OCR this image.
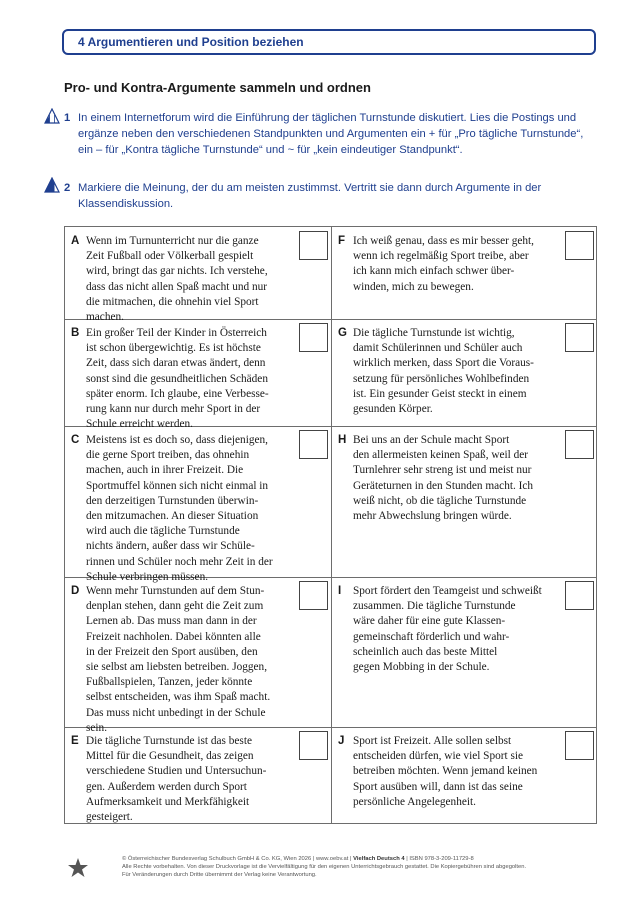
4 Argumentieren und Position beziehen
Pro- und Kontra-Argumente sammeln und ordnen
1 In einem Internetforum wird die Einführung der täglichen Turnstunde diskutiert. Lies die Postings und ergänze neben den verschiedenen Standpunkten und Argumenten ein + für „Pro tägliche Turnstunde“, ein – für „Kontra tägliche Turnstunde“ und ~ für „kein eindeutiger Standpunkt“.
2 Markiere die Meinung, der du am meisten zustimmst. Vertritt sie dann durch Argumente in der Klassendiskussion.
A Wenn im Turnunterricht nur die ganze
Zeit Fußball oder Völkerball gespielt
wird, bringt das gar nichts. Ich verstehe,
dass das nicht allen Spaß macht und nur
die mitmachen, die ohnehin viel Sport
machen.
B Ein großer Teil der Kinder in Österreich
ist schon übergewichtig. Es ist höchste
Zeit, dass sich daran etwas ändert, denn
sonst sind die gesundheitlichen Schäden
später enorm. Ich glaube, eine Verbesse-
rung kann nur durch mehr Sport in der
Schule erreicht werden.
C Meistens ist es doch so, dass diejenigen,
die gerne Sport treiben, das ohnehin
machen, auch in ihrer Freizeit. Die
Sportmuffel können sich nicht einmal in
den derzeitigen Turnstunden überwin-
den mitzumachen. An dieser Situation
wird auch die tägliche Turnstunde
nichts ändern, außer dass wir Schüle-
rinnen und Schüler noch mehr Zeit in der
Schule verbringen müssen.
D Wenn mehr Turnstunden auf dem Stun-
denplan stehen, dann geht die Zeit zum
Lernen ab. Das muss man dann in der
Freizeit nachholen. Dabei könnten alle
in der Freizeit den Sport ausüben, den
sie selbst am liebsten betreiben. Joggen,
Fußballspielen, Tanzen, jeder könnte
selbst entscheiden, was ihm Spaß macht.
Das muss nicht unbedingt in der Schule
sein.
E Die tägliche Turnstunde ist das beste
Mittel für die Gesundheit, das zeigen
verschiedene Studien und Untersuchun-
gen. Außerdem werden durch Sport
Aufmerksamkeit und Merkfähigkeit
gesteigert.
F Ich weiß genau, dass es mir besser geht,
wenn ich regelmäßig Sport treibe, aber
ich kann mich einfach schwer über-
winden, mich zu bewegen.
G Die tägliche Turnstunde ist wichtig,
damit Schülerinnen und Schüler auch
wirklich merken, dass Sport die Voraus-
setzung für persönliches Wohlbefinden
ist. Ein gesunder Geist steckt in einem
gesunden Körper.
H Bei uns an der Schule macht Sport
den allermeisten keinen Spaß, weil der
Turnlehrer sehr streng ist und meist nur
Geräteturnen in den Stunden macht. Ich
weiß nicht, ob die tägliche Turnstunde
mehr Abwechslung bringen würde.
I Sport fördert den Teamgeist und schweißt
zusammen. Die tägliche Turnstunde
wäre daher für eine gute Klassen-
gemeinschaft förderlich und wahr-
scheinlich auch das beste Mittel
gegen Mobbing in der Schule.
J Sport ist Freizeit. Alle sollen selbst
entscheiden dürfen, wie viel Sport sie
betreiben möchten. Wenn jemand keinen
Sport ausüben will, dann ist das seine
persönliche Angelegenheit.
© Österreichischer Bundesverlag Schulbuch GmbH & Co. KG, Wien 2026 | www.oebv.at | Vielfach Deutsch 4 | ISBN 978-3-209-11729-8
Alle Rechte vorbehalten. Von dieser Druckvorlage ist die Vervielfältigung für den eigenen Unterrichtsgebrauch gestattet. Die Kopiergebühren sind abgegolten.
Für Veränderungen durch Dritte übernimmt der Verlag keine Verantwortung.
